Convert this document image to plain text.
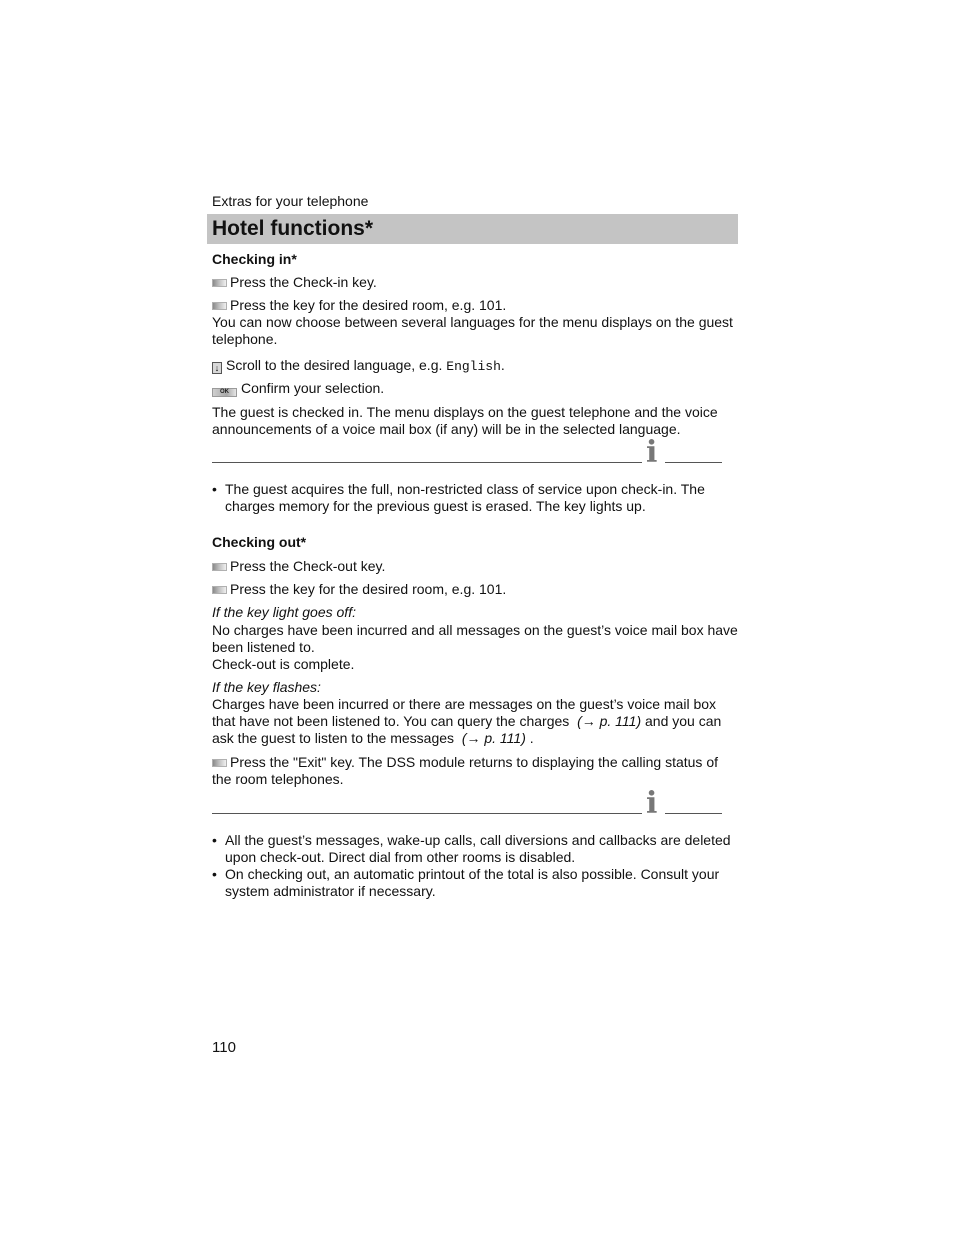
Extras for your telephone
Hotel functions*
Checking in*
Press the Check-in key.
Press the key for the desired room, e.g. 101.
You can now choose between several languages for the menu displays on the guest telephone.
↓ Scroll to the desired language, e.g. English.
OK Confirm your selection.
The guest is checked in. The menu displays on the guest telephone and the voice announcements of a voice mail box (if any) will be in the selected language.
i
• The guest acquires the full, non-restricted class of service upon check-in. The charges memory for the previous guest is erased. The key lights up.
Checking out*
Press the Check-out key.
Press the key for the desired room, e.g. 101.
If the key light goes off:
No charges have been incurred and all messages on the guest’s voice mail box have been listened to.
Check-out is complete.
If the key flashes:
Charges have been incurred or there are messages on the guest’s voice mail box that have not been listened to. You can query the charges (→ p. 111) and you can ask the guest to listen to the messages (→ p. 111) .
Press the "Exit" key. The DSS module returns to displaying the calling status of the room telephones.
i
• All the guest’s messages, wake-up calls, call diversions and callbacks are deleted upon check-out. Direct dial from other rooms is disabled.
• On checking out, an automatic printout of the total is also possible. Consult your system administrator if necessary.
110
